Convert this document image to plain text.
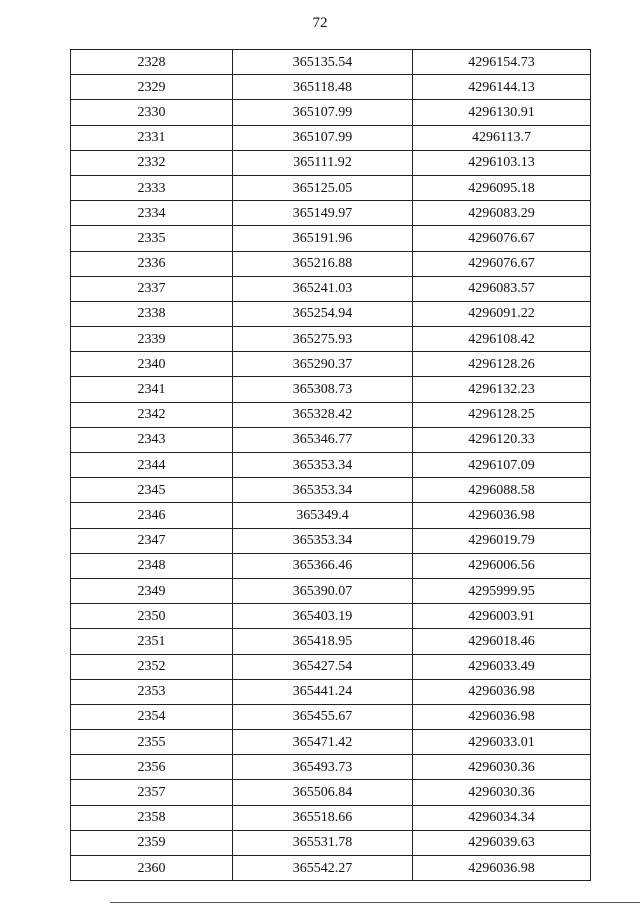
72
2328	365135.54	4296154.73
2329	365118.48	4296144.13
2330	365107.99	4296130.91
2331	365107.99	4296113.7
2332	365111.92	4296103.13
2333	365125.05	4296095.18
2334	365149.97	4296083.29
2335	365191.96	4296076.67
2336	365216.88	4296076.67
2337	365241.03	4296083.57
2338	365254.94	4296091.22
2339	365275.93	4296108.42
2340	365290.37	4296128.26
2341	365308.73	4296132.23
2342	365328.42	4296128.25
2343	365346.77	4296120.33
2344	365353.34	4296107.09
2345	365353.34	4296088.58
2346	365349.4	4296036.98
2347	365353.34	4296019.79
2348	365366.46	4296006.56
2349	365390.07	4295999.95
2350	365403.19	4296003.91
2351	365418.95	4296018.46
2352	365427.54	4296033.49
2353	365441.24	4296036.98
2354	365455.67	4296036.98
2355	365471.42	4296033.01
2356	365493.73	4296030.36
2357	365506.84	4296030.36
2358	365518.66	4296034.34
2359	365531.78	4296039.63
2360	365542.27	4296036.98
